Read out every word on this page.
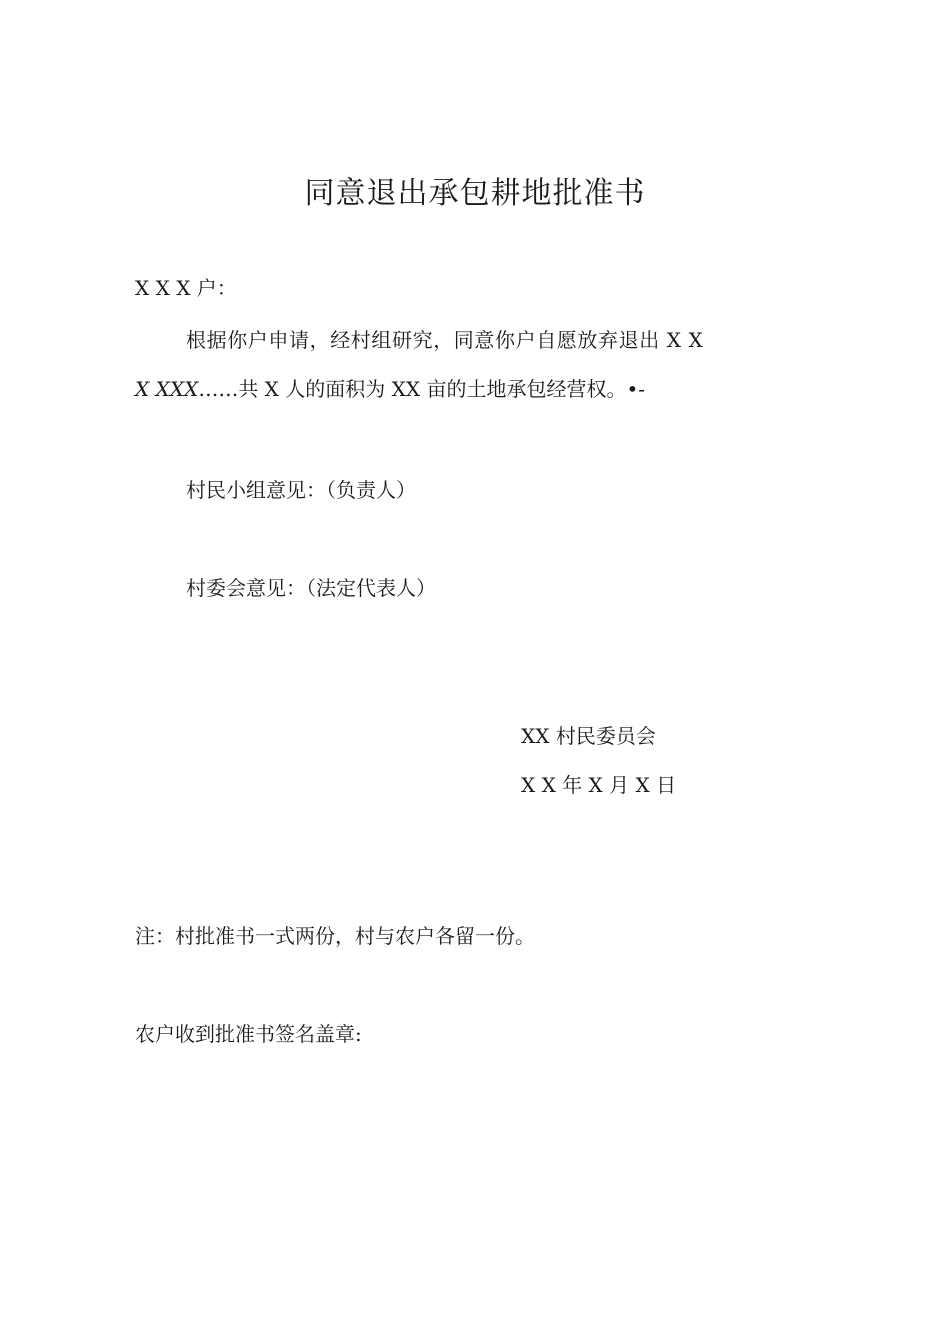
同意退出承包耕地批准书
X X X 户：
根据你户申请，经村组研究，同意你户自愿放弃退出 X X
X XXX……共 X 人的面积为 XX 亩的土地承包经营权。•-
村民小组意见：（负责人）
村委会意见：（法定代表人）
XX 村民委员会
X X 年 X 月 X 日
注：村批准书一式两份，村与农户各留一份。
农户收到批准书签名盖章:
